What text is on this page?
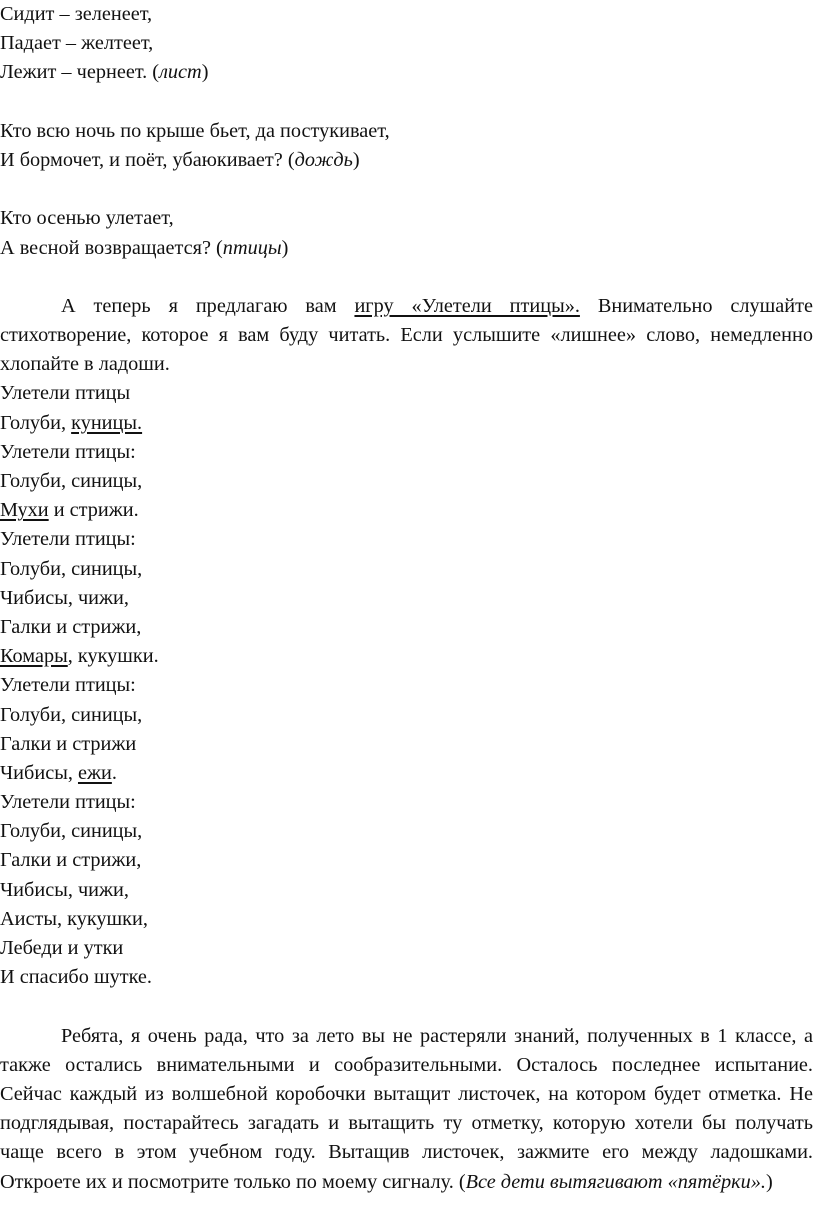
Сидит – зеленеет,
Падает – желтеет,
Лежит – чернеет. (лист)
Кто всю ночь по крыше бьет, да постукивает,
И бормочет, и поёт, убаюкивает? (дождь)
Кто осенью улетает,
А весной возвращается? (птицы)

А теперь я предлагаю вам игру «Улетели птицы». Внимательно слушайте стихотворение, которое я вам буду читать. Если услышите «лишнее» слово, немедленно хлопайте в ладоши.

Улетели птицы
Голуби, куницы.
Улетели птицы:
Голуби, синицы,
Мухи и стрижи.
Улетели птицы:
Голуби, синицы,
Чибисы, чижи,
Галки и стрижи,
Комары, кукушки.
Улетели птицы:
Голуби, синицы,
Галки и стрижи
Чибисы, ежи.
Улетели птицы:
Голуби, синицы,
Галки и стрижи,
Чибисы, чижи,
Аисты, кукушки,
Лебеди и утки
И спасибо шутке.

Ребята, я очень рада, что за лето вы не растеряли знаний, полученных в 1 классе, а также остались внимательными и сообразительными. Осталось последнее испытание. Сейчас каждый из волшебной коробочки вытащит листочек, на котором будет отметка. Не подглядывая, постарайтесь загадать и вытащить ту отметку, которую хотели бы получать чаще всего в этом учебном году. Вытащив листочек, зажмите его между ладошками. Откроете их и посмотрите только по моему сигналу. (Все дети вытягивают «пятёрки».)
